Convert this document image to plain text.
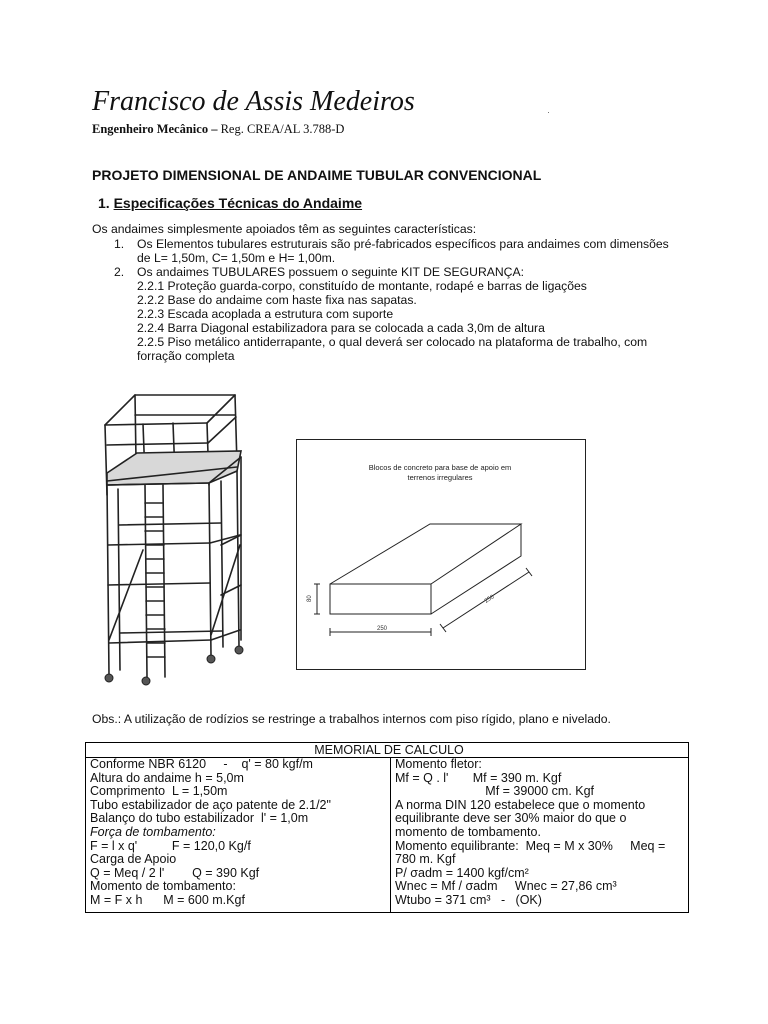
Francisco de Assis Medeiros
Engenheiro Mecânico – Reg. CREA/AL 3.788-D
PROJETO DIMENSIONAL DE ANDAIME TUBULAR CONVENCIONAL
1. Especificações Técnicas do Andaime
Os andaimes simplesmente apoiados têm as seguintes características:
1. Os Elementos tubulares estruturais são pré-fabricados específicos para andaimes com dimensões
de L= 1,50m, C= 1,50m e H= 1,00m.
2. Os andaimes TUBULARES possuem o seguinte KIT DE SEGURANÇA:
2.2.1 Proteção guarda-corpo, constituído de montante, rodapé e barras de ligações
2.2.2 Base do andaime com haste fixa nas sapatas.
2.2.3 Escada acoplada a estrutura com suporte
2.2.4 Barra Diagonal estabilizadora para se colocada a cada 3,0m de altura
2.2.5 Piso metálico antiderrapante, o qual deverá ser colocado na plataforma de trabalho, com
forração completa
Blocos de concreto para base de apoio em
terrenos irregulares
80
250
250
Obs.: A utilização de rodízios se restringe a trabalhos internos com piso rígido, plano e nivelado.
MEMORIAL DE CALCULO

Conforme NBR 6120     -    q' = 80 kgf/m
Altura do andaime h = 5,0m
Comprimento  L = 1,50m
Tubo estabilizador de aço patente de 2.1/2"
Balanço do tubo estabilizador  l' = 1,0m
Força de tombamento:
F = l x q'          F = 120,0 Kg/f
Carga de Apoio
Q = Meq / 2 l'        Q = 390 Kgf
Momento de tombamento:
M = F x h      M = 600 m.Kgf

Momento fletor:
Mf = Q . l'       Mf = 390 m. Kgf
Mf = 39000 cm. Kgf
A norma DIN 120 estabelece que o momento
equilibrante deve ser 30% maior do que o
momento de tombamento.
Momento equilibrante:  Meq = M x 30%     Meq =
780 m. Kgf
P/ σadm = 1400 kgf/cm²
Wnec = Mf / σadm     Wnec = 27,86 cm³
Wtubo = 371 cm³   -   (OK)
